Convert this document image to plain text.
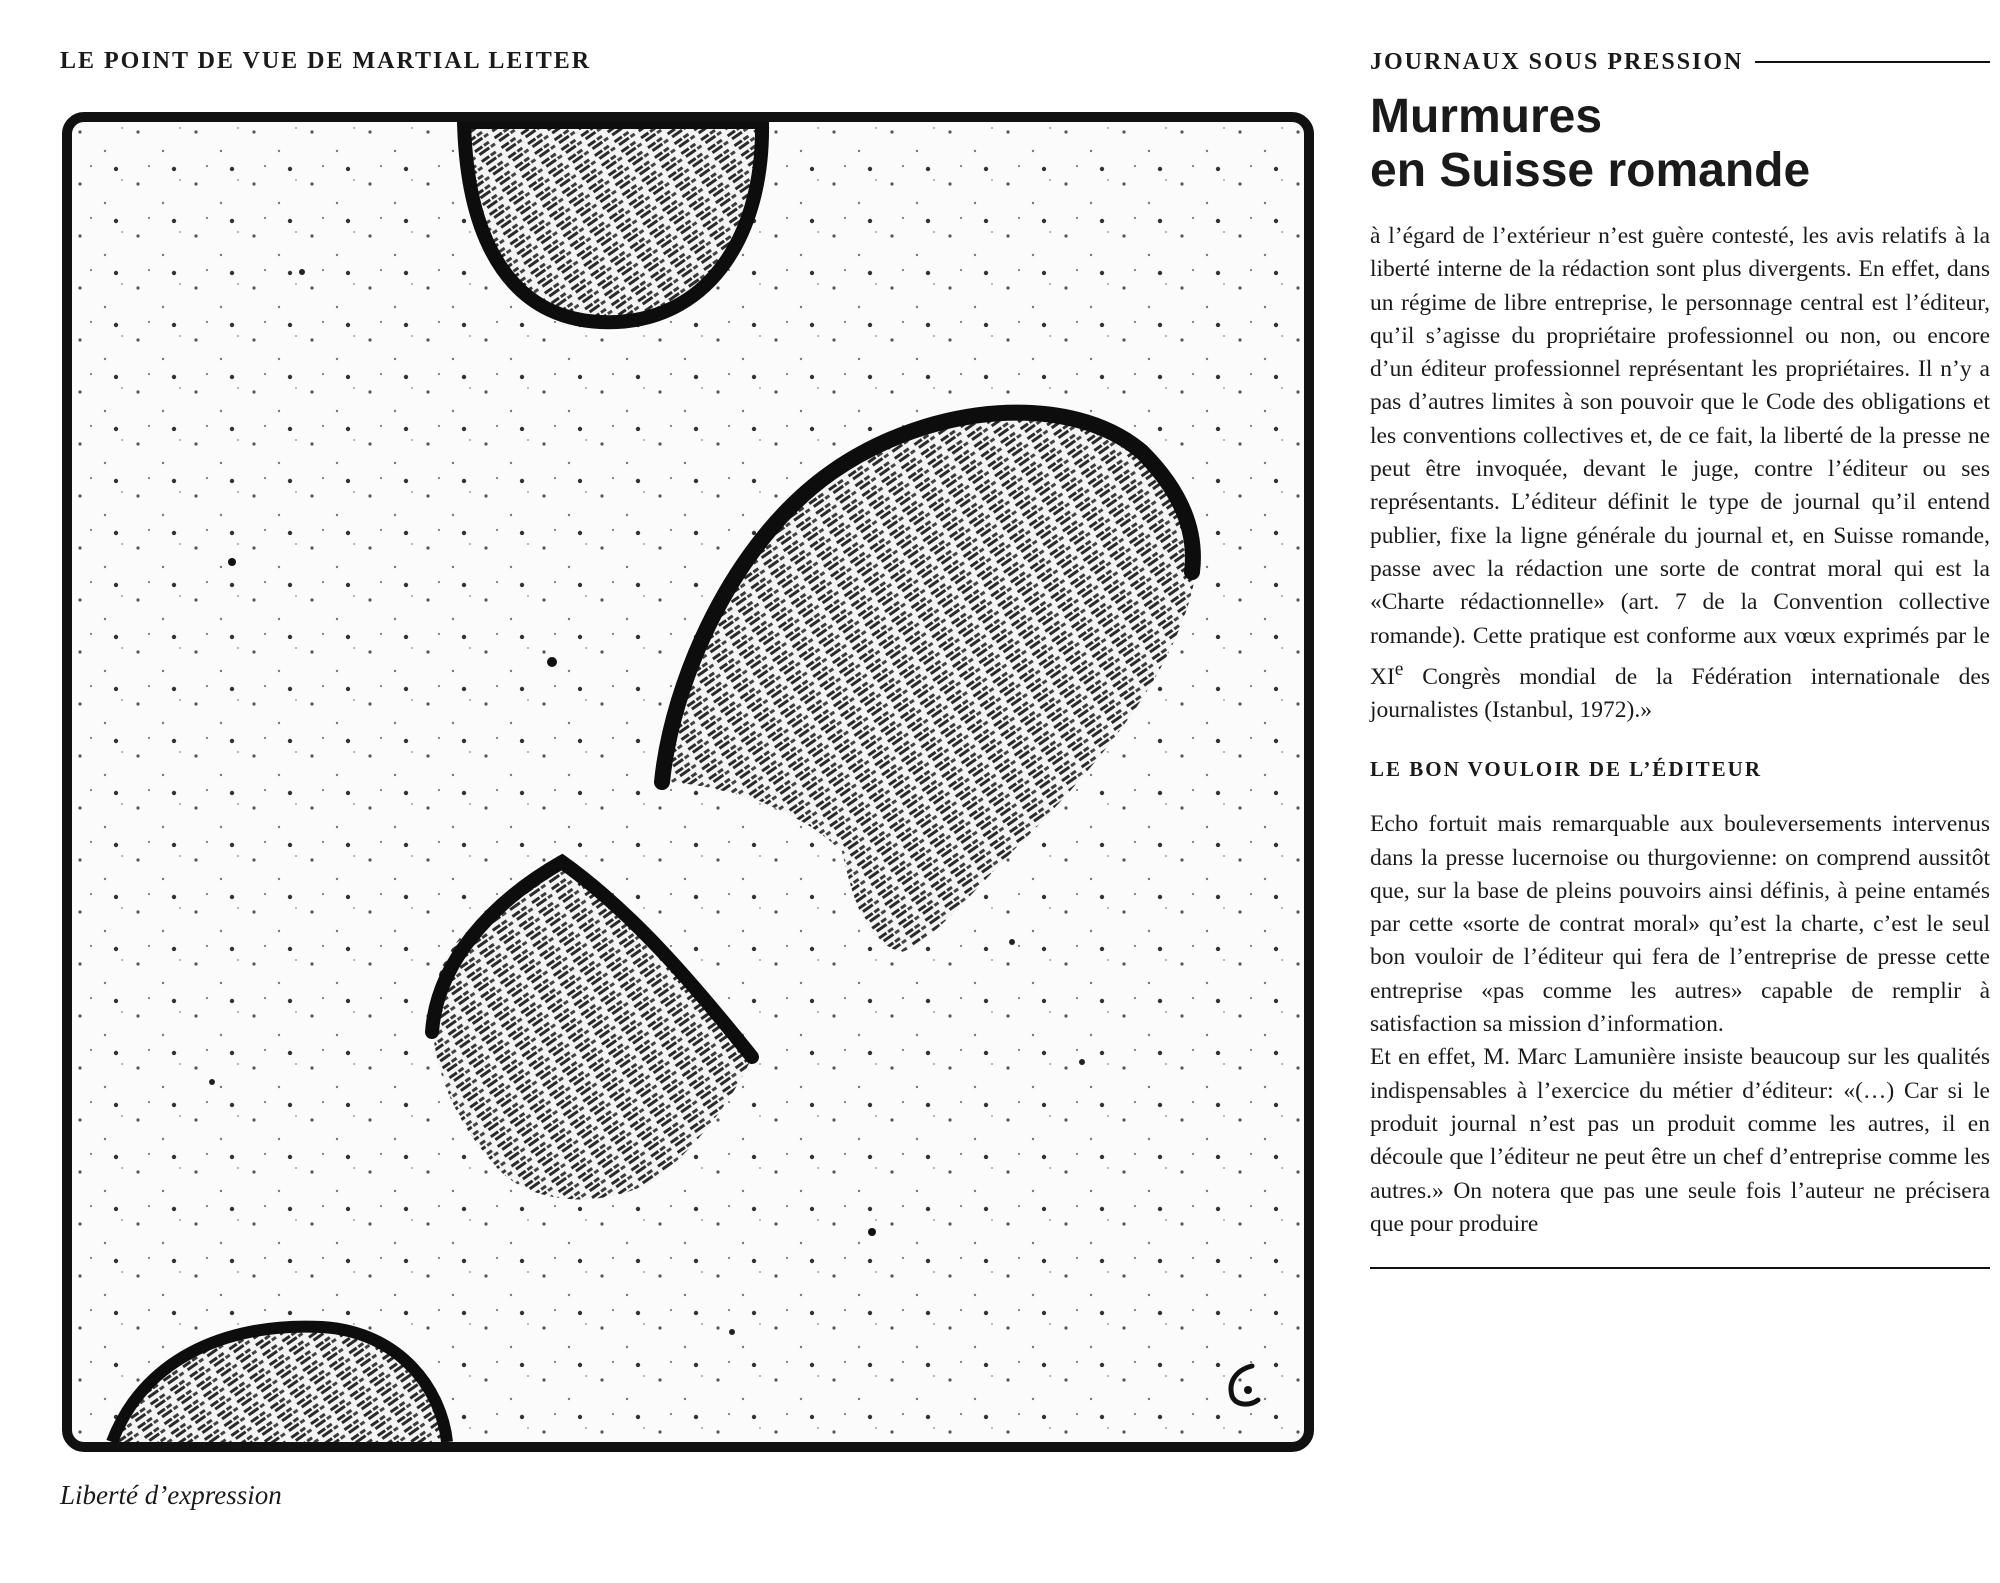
LE POINT DE VUE DE MARTIAL LEITER
Liberté d’expression
JOURNAUX SOUS PRESSION
Murmures
en Suisse romande

à l’égard de l’extérieur n’est guère contesté, les avis relatifs à la liberté interne de la rédaction sont plus divergents. En effet, dans un régime de libre entreprise, le personnage central est l’éditeur, qu’il s’agisse du propriétaire professionnel ou non, ou encore d’un éditeur professionnel représentant les propriétaires. Il n’y a pas d’autres limites à son pouvoir que le Code des obligations et les conventions collectives et, de ce fait, la liberté de la presse ne peut être invoquée, devant le juge, contre l’éditeur ou ses représentants. L’éditeur définit le type de journal qu’il entend publier, fixe la ligne générale du journal et, en Suisse romande, passe avec la rédaction une sorte de contrat moral qui est la «Charte rédactionnelle» (art. 7 de la Convention collective romande). Cette pratique est conforme aux vœux exprimés par le XIe Congrès mondial de la Fédération internationale des journalistes (Istanbul, 1972).»

LE BON VOULOIR DE L’ÉDITEUR

Echo fortuit mais remarquable aux bouleversements intervenus dans la presse lucernoise ou thurgovienne: on comprend aussitôt que, sur la base de pleins pouvoirs ainsi définis, à peine entamés par cette «sorte de contrat moral» qu’est la charte, c’est le seul bon vouloir de l’éditeur qui fera de l’entreprise de presse cette entreprise «pas comme les autres» capable de remplir à satisfaction sa mission d’information.

Et en effet, M. Marc Lamunière insiste beaucoup sur les qualités indispensables à l’exercice du métier d’éditeur: «(…) Car si le produit journal n’est pas un produit comme les autres, il en découle que l’éditeur ne peut être un chef d’entreprise comme les autres.» On notera que pas une seule fois l’auteur ne précisera que pour produire
